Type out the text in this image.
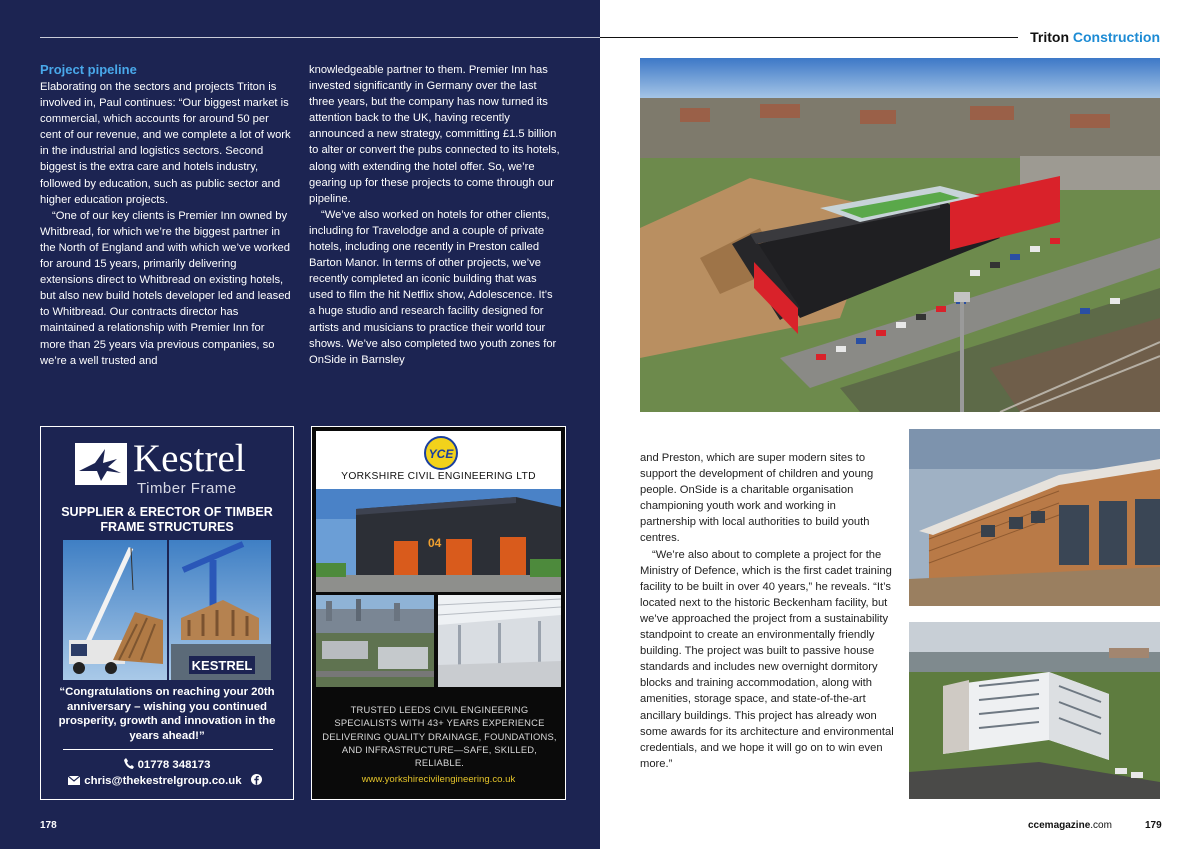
Triton Construction
Project pipeline

Elaborating on the sectors and projects Triton is involved in, Paul continues: “Our biggest market is commercial, which accounts for around 50 per cent of our revenue, and we complete a lot of work in the industrial and logistics sectors. Second biggest is the extra care and hotels industry, followed by education, such as public sector and higher education projects.

“One of our key clients is Premier Inn owned by Whitbread, for which we’re the biggest partner in the North of England and with which we’ve worked for around 15 years, primarily delivering extensions direct to Whitbread on existing hotels, but also new build hotels developer led and leased to Whitbread. Our contracts director has maintained a relationship with Premier Inn for more than 25 years via previous companies, so we’re a well trusted and

knowledgeable partner to them. Premier Inn has invested significantly in Germany over the last three years, but the company has now turned its attention back to the UK, having recently announced a new strategy, committing £1.5 billion to alter or convert the pubs connected to its hotels, along with extending the hotel offer. So, we’re gearing up for these projects to come through our pipeline.

“We’ve also worked on hotels for other clients, including for Travelodge and a couple of private hotels, including one recently in Preston called Barton Manor. In terms of other projects, we’ve recently completed an iconic building that was used to film the hit Netflix show, Adolescence. It’s a huge studio and research facility designed for artists and musicians to practice their world tour shows. We’ve also completed two youth zones for OnSide in Barnsley

and Preston, which are super modern sites to support the development of children and young people. OnSide is a charitable organisation championing youth work and working in partnership with local authorities to build youth centres.

“We’re also about to complete a project for the Ministry of Defence, which is the first cadet training facility to be built in over 40 years,” he reveals. “It’s located next to the historic Beckenham facility, but we’ve approached the project from a sustainability standpoint to create an environmentally friendly building. The project was built to passive house standards and includes new overnight dormitory blocks and training accommodation, along with amenities, storage space, and state-of-the-art ancillary buildings. This project has already won some awards for its architecture and environmental credentials, and we hope it will go on to win even more.”

Kestrel
Timber Frame
SUPPLIER & ERECTOR OF TIMBER FRAME STRUCTURES
KESTREL
“Congratulations on reaching your 20th anniversary – wishing you continued prosperity, growth and innovation in the years ahead!”
01778 348173
chris@thekestrelgroup.co.uk
YCE
YORKSHIRE CIVIL ENGINEERING LTD
04
TRUSTED LEEDS CIVIL ENGINEERING SPECIALISTS WITH 43+ YEARS EXPERIENCE DELIVERING QUALITY DRAINAGE, FOUNDATIONS, AND INFRASTRUCTURE—SAFE, SKILLED, RELIABLE.
www.yorkshirecivilengineering.co.uk
178	ccemagazine.com	179
